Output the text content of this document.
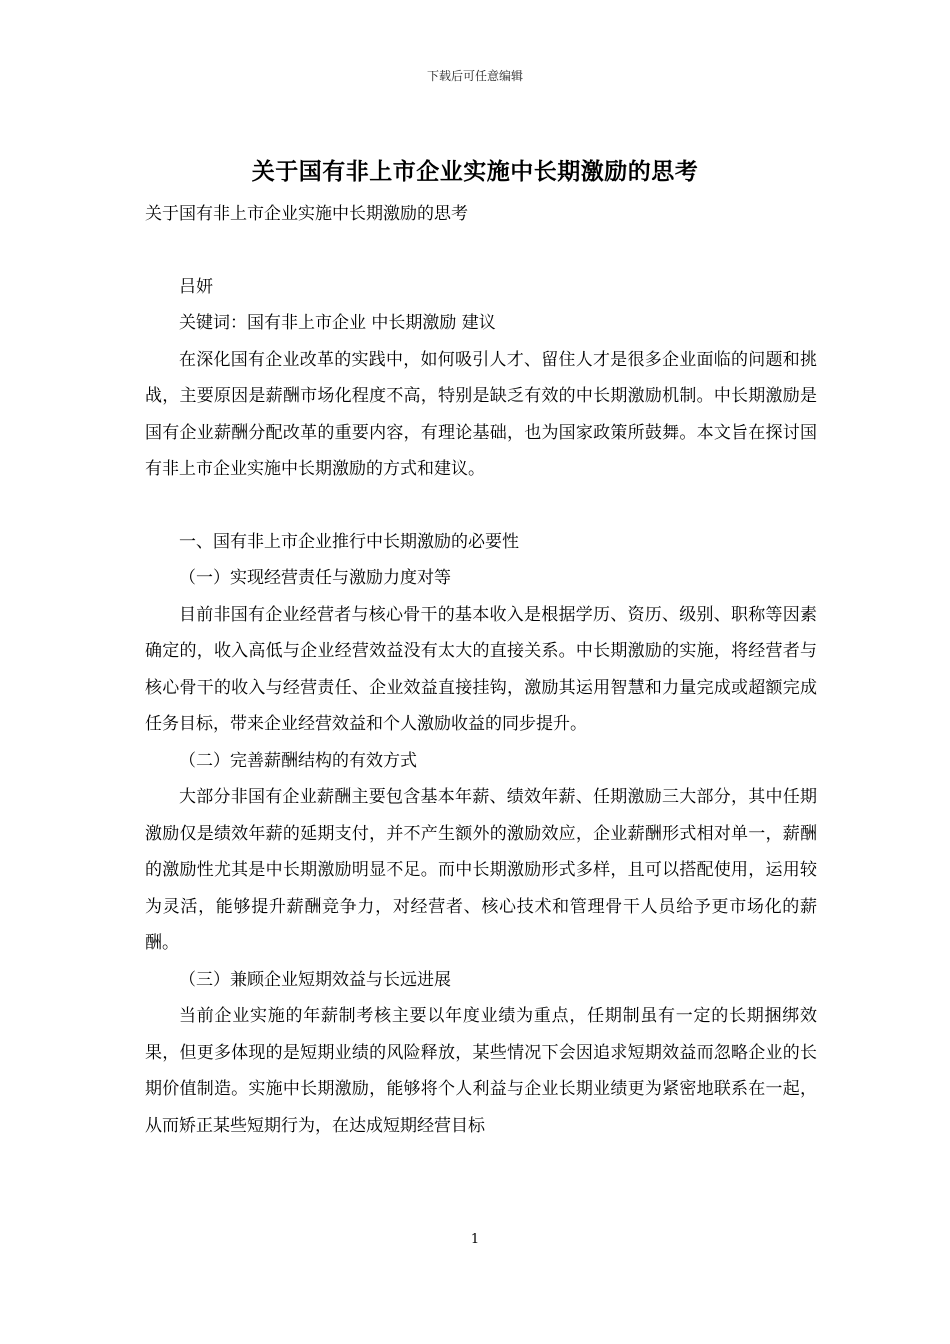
下载后可任意编辑
关于国有非上市企业实施中长期激励的思考

关于国有非上市企业实施中长期激励的思考

吕妍

关键词：国有非上市企业 中长期激励 建议

在深化国有企业改革的实践中，如何吸引人才、留住人才是很多企业面临的问题和挑战，主要原因是薪酬市场化程度不高，特别是缺乏有效的中长期激励机制。中长期激励是国有企业薪酬分配改革的重要内容，有理论基础，也为国家政策所鼓舞。本文旨在探讨国有非上市企业实施中长期激励的方式和建议。

一、国有非上市企业推行中长期激励的必要性

（一）实现经营责任与激励力度对等

目前非国有企业经营者与核心骨干的基本收入是根据学历、资历、级别、职称等因素确定的，收入高低与企业经营效益没有太大的直接关系。中长期激励的实施，将经营者与核心骨干的收入与经营责任、企业效益直接挂钩，激励其运用智慧和力量完成或超额完成任务目标，带来企业经营效益和个人激励收益的同步提升。

（二）完善薪酬结构的有效方式

大部分非国有企业薪酬主要包含基本年薪、绩效年薪、任期激励三大部分，其中任期激励仅是绩效年薪的延期支付，并不产生额外的激励效应，企业薪酬形式相对单一，薪酬的激励性尤其是中长期激励明显不足。而中长期激励形式多样，且可以搭配使用，运用较为灵活，能够提升薪酬竞争力，对经营者、核心技术和管理骨干人员给予更市场化的薪酬。

（三）兼顾企业短期效益与长远进展

当前企业实施的年薪制考核主要以年度业绩为重点，任期制虽有一定的长期捆绑效果，但更多体现的是短期业绩的风险释放，某些情况下会因追求短期效益而忽略企业的长期价值制造。实施中长期激励，能够将个人利益与企业长期业绩更为紧密地联系在一起，从而矫正某些短期行为，在达成短期经营目标

1
